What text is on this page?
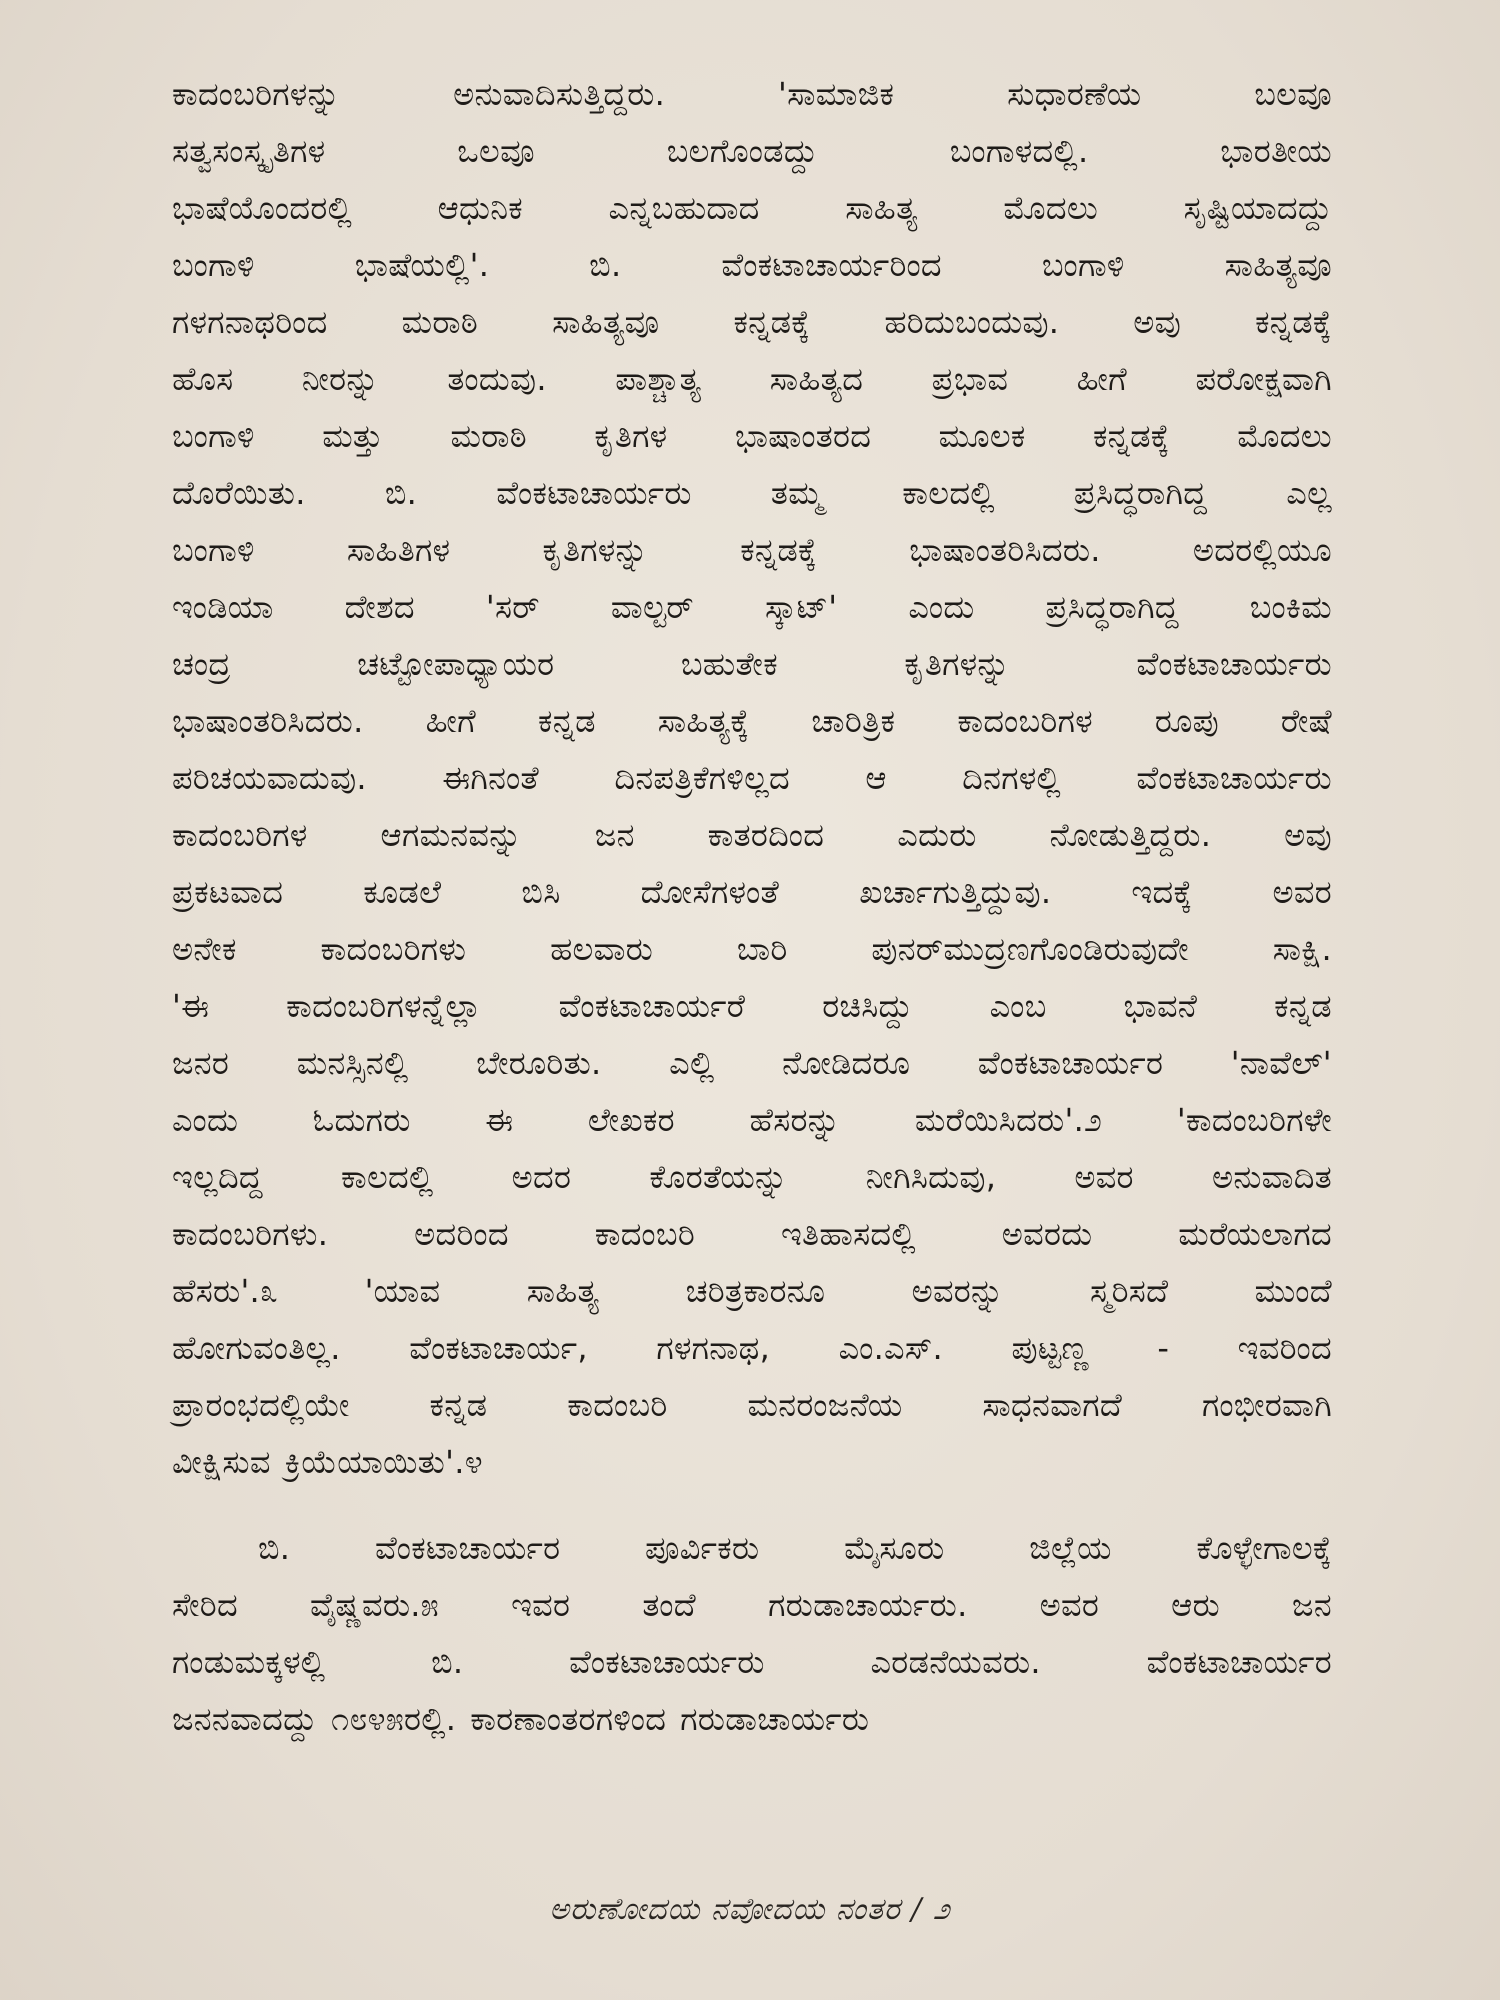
ಕಾದಂಬರಿಗಳನ್ನು	ಅನುವಾದಿಸುತ್ತಿದ್ದರು.	'ಸಾಮಾಜಿಕ	ಸುಧಾರಣೆಯ	ಬಲವೂ
ಸತ್ವಸಂಸ್ಕೃತಿಗಳ	ಒಲವೂ	ಬಲಗೊಂಡದ್ದು	ಬಂಗಾಳದಲ್ಲಿ.	ಭಾರತೀಯ
ಭಾಷೆಯೊಂದರಲ್ಲಿ	ಆಧುನಿಕ	ಎನ್ನಬಹುದಾದ	ಸಾಹಿತ್ಯ	ಮೊದಲು	ಸೃಷ್ಟಿಯಾದದ್ದು
ಬಂಗಾಳಿ	ಭಾಷೆಯಲ್ಲಿ'.	ಬಿ.	ವೆಂಕಟಾಚಾರ್ಯರಿಂದ	ಬಂಗಾಳಿ	ಸಾಹಿತ್ಯವೂ
ಗಳಗನಾಥರಿಂದ ಮರಾಠಿ ಸಾಹಿತ್ಯವೂ ಕನ್ನಡಕ್ಕೆ ಹರಿದುಬಂದುವು. ಅವು ಕನ್ನಡಕ್ಕೆ
ಹೊಸ ನೀರನ್ನು ತಂದುವು. ಪಾಶ್ಚಾತ್ಯ ಸಾಹಿತ್ಯದ ಪ್ರಭಾವ ಹೀಗೆ ಪರೋಕ್ಷವಾಗಿ
ಬಂಗಾಳಿ ಮತ್ತು ಮರಾಠಿ ಕೃತಿಗಳ ಭಾಷಾಂತರದ ಮೂಲಕ ಕನ್ನಡಕ್ಕೆ ಮೊದಲು
ದೊರೆಯಿತು. ಬಿ. ವೆಂಕಟಾಚಾರ್ಯರು ತಮ್ಮ ಕಾಲದಲ್ಲಿ ಪ್ರಸಿದ್ಧರಾಗಿದ್ದ ಎಲ್ಲ
ಬಂಗಾಳಿ	ಸಾಹಿತಿಗಳ	ಕೃತಿಗಳನ್ನು	ಕನ್ನಡಕ್ಕೆ	ಭಾಷಾಂತರಿಸಿದರು.	ಅದರಲ್ಲಿಯೂ
ಇಂಡಿಯಾ ದೇಶದ 'ಸರ್ ವಾಲ್ಟರ್ ಸ್ಕಾಟ್' ಎಂದು ಪ್ರಸಿದ್ಧರಾಗಿದ್ದ ಬಂಕಿಮ
ಚಂದ್ರ	ಚಟ್ಟೋಪಾಧ್ಯಾಯರ	ಬಹುತೇಕ	ಕೃತಿಗಳನ್ನು	ವೆಂಕಟಾಚಾರ್ಯರು
ಭಾಷಾಂತರಿಸಿದರು. ಹೀಗೆ ಕನ್ನಡ ಸಾಹಿತ್ಯಕ್ಕೆ ಚಾರಿತ್ರಿಕ ಕಾದಂಬರಿಗಳ ರೂಪು ರೇಷೆ
ಪರಿಚಯವಾದುವು. ಈಗಿನಂತೆ ದಿನಪತ್ರಿಕೆಗಳಿಲ್ಲದ ಆ ದಿನಗಳಲ್ಲಿ ವೆಂಕಟಾಚಾರ್ಯರು
ಕಾದಂಬರಿಗಳ ಆಗಮನವನ್ನು ಜನ ಕಾತರದಿಂದ ಎದುರು ನೋಡುತ್ತಿದ್ದರು. ಅವು
ಪ್ರಕಟವಾದ	ಕೂಡಲೆ	ಬಿಸಿ	ದೋಸೆಗಳಂತೆ	ಖರ್ಚಾಗುತ್ತಿದ್ದುವು.	ಇದಕ್ಕೆ	ಅವರ
ಅನೇಕ	ಕಾದಂಬರಿಗಳು	ಹಲವಾರು	ಬಾರಿ	ಪುನರ್‌ಮುದ್ರಣಗೊಂಡಿರುವುದೇ	ಸಾಕ್ಷಿ.
'ಈ ಕಾದಂಬರಿಗಳನ್ನೆಲ್ಲಾ ವೆಂಕಟಾಚಾರ್ಯರೆ ರಚಿಸಿದ್ದು ಎಂಬ ಭಾವನೆ ಕನ್ನಡ
ಜನರ ಮನಸ್ಸಿನಲ್ಲಿ ಬೇರೂರಿತು. ಎಲ್ಲಿ ನೋಡಿದರೂ ವೆಂಕಟಾಚಾರ್ಯರ 'ನಾವೆಲ್'
ಎಂದು ಓದುಗರು ಈ ಲೇಖಕರ ಹೆಸರನ್ನು ಮರೆಯಿಸಿದರು'.೨ 'ಕಾದಂಬರಿಗಳೇ
ಇಲ್ಲದಿದ್ದ ಕಾಲದಲ್ಲಿ ಅದರ ಕೊರತೆಯನ್ನು ನೀಗಿಸಿದುವು, ಅವರ ಅನುವಾದಿತ
ಕಾದಂಬರಿಗಳು.	ಅದರಿಂದ	ಕಾದಂಬರಿ	ಇತಿಹಾಸದಲ್ಲಿ	ಅವರದು	ಮರೆಯಲಾಗದ
ಹೆಸರು'.೩	'ಯಾವ	ಸಾಹಿತ್ಯ	ಚರಿತ್ರಕಾರನೂ	ಅವರನ್ನು	ಸ್ಮರಿಸದೆ	ಮುಂದೆ
ಹೋಗುವಂತಿಲ್ಲ. ವೆಂಕಟಾಚಾರ್ಯ, ಗಳಗನಾಥ, ಎಂ.ಎಸ್. ಪುಟ್ಟಣ್ಣ - ಇವರಿಂದ
ಪ್ರಾರಂಭದಲ್ಲಿಯೇ ಕನ್ನಡ ಕಾದಂಬರಿ ಮನರಂಜನೆಯ ಸಾಧನವಾಗದೆ ಗಂಭೀರವಾಗಿ
ವೀಕ್ಷಿಸುವ ಕ್ರಿಯೆಯಾಯಿತು'.೪
ಬಿ.	ವೆಂಕಟಾಚಾರ್ಯರ	ಪೂರ್ವಿಕರು	ಮೈಸೂರು	ಜಿಲ್ಲೆಯ	ಕೊಳ್ಳೇಗಾಲಕ್ಕೆ
ಸೇರಿದ ವೈಷ್ಣವರು.೫ ಇವರ ತಂದೆ ಗರುಡಾಚಾರ್ಯರು. ಅವರ ಆರು ಜನ
ಗಂಡುಮಕ್ಕಳಲ್ಲಿ	ಬಿ.	ವೆಂಕಟಾಚಾರ್ಯರು	ಎರಡನೆಯವರು.	ವೆಂಕಟಾಚಾರ್ಯರ
ಜನನವಾದದ್ದು ೧೮೪೫ರಲ್ಲಿ. ಕಾರಣಾಂತರಗಳಿಂದ ಗರುಡಾಚಾರ್ಯರು
ಅರುಣೋದಯ ನವೋದಯ ನಂತರ / ೨
